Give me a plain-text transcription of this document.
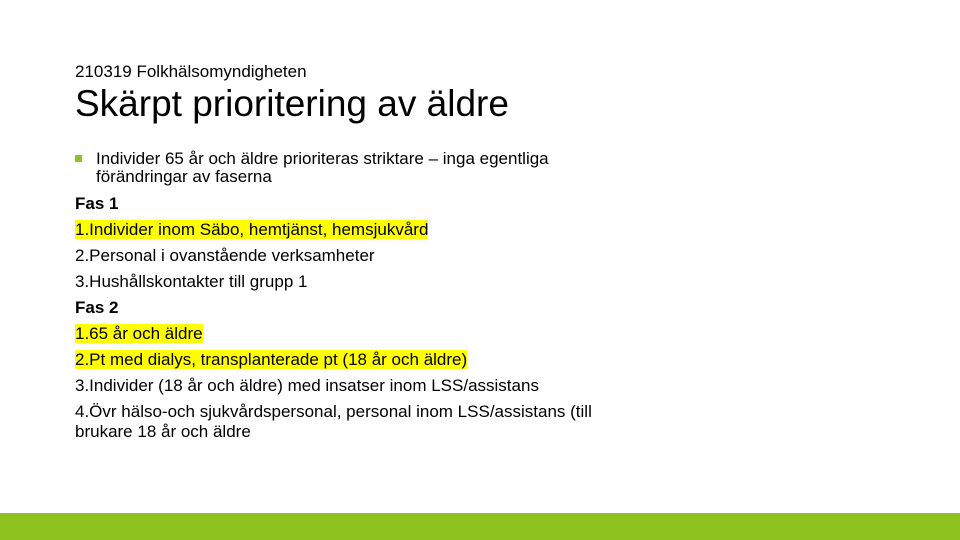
210319 Folkhälsomyndigheten
Skärpt prioritering av äldre
Individer 65 år och äldre prioriteras striktare – inga egentliga förändringar av faserna
Fas 1
1.Individer inom Säbo, hemtjänst, hemsjukvård
2.Personal i ovanstående verksamheter
3.Hushållskontakter till grupp 1
Fas 2
1.65 år och äldre
2.Pt med dialys, transplanterade pt (18 år och äldre)
3.Individer (18 år och äldre) med insatser inom LSS/assistans
4.Övr hälso-och sjukvårdspersonal, personal inom LSS/assistans (till brukare 18 år och äldre
